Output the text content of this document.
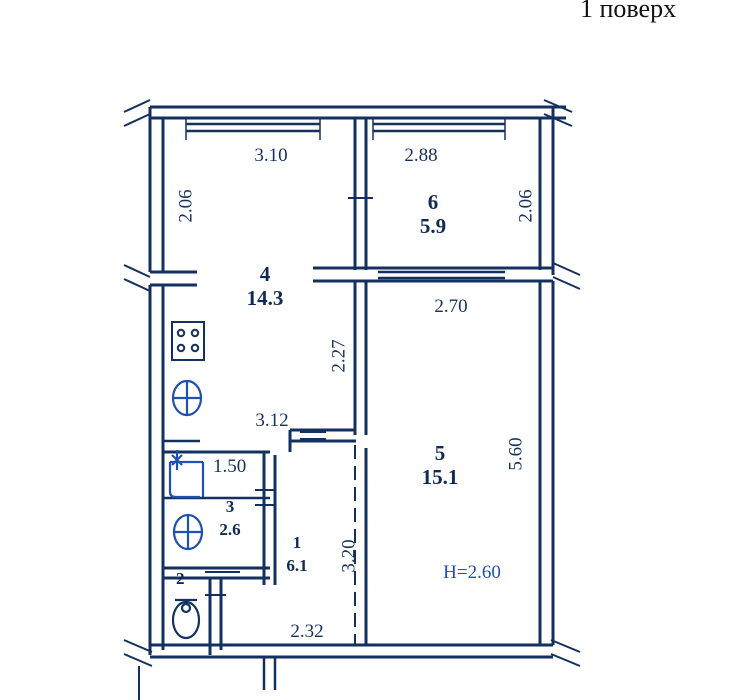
1 поверх
3.10	2.88
2.06	2.06
2.70
2.27
3.12
1.50	5.60
3.20
2.32
4
14.3
6
5.9
5
15.1
3
2.6
1
6.1
2	H=2.60
